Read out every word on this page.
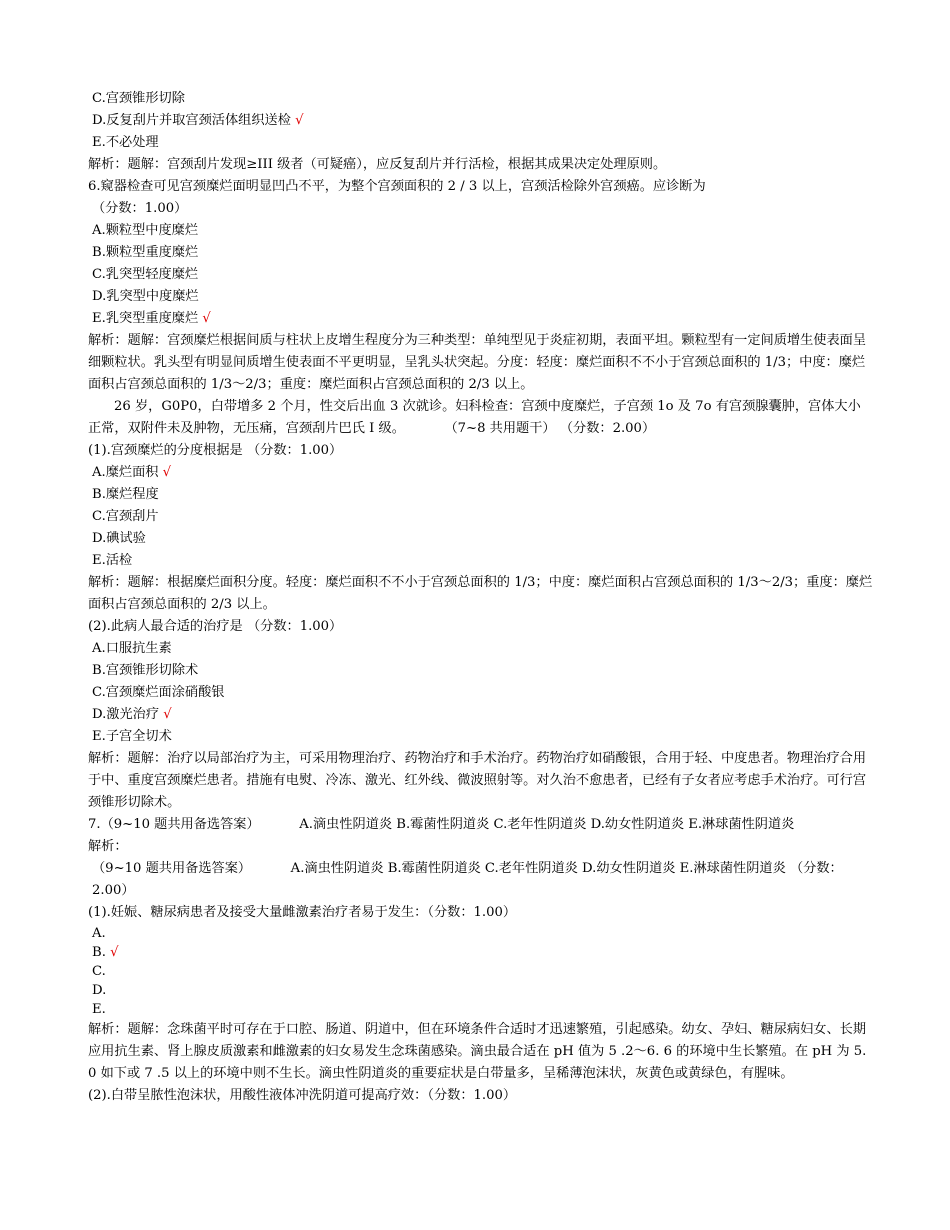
C.宫颈锥形切除
D.反复刮片并取宫颈活体组织送检 √
E.不必处理
解析：题解：宫颈刮片发现≥III 级者（可疑癌），应反复刮片并行活检，根据其成果决定处理原则。
6.窥器检查可见宫颈糜烂面明显凹凸不平，为整个宫颈面积的 2 / 3 以上，宫颈活检除外宫颈癌。应诊断为
（分数：1.00）
A.颗粒型中度糜烂
B.颗粒型重度糜烂
C.乳突型轻度糜烂
D.乳突型中度糜烂
E.乳突型重度糜烂 √
解析：题解：宫颈糜烂根据间质与柱状上皮增生程度分为三种类型：单纯型见于炎症初期，表面平坦。颗粒型有一定间质增生使表面呈细颗粒状。乳头型有明显间质增生使表面不平更明显，呈乳头状突起。分度：轻度：糜烂面积不不小于宫颈总面积的 1/3；中度：糜烂面积占宫颈总面积的 1/3～2/3；重度：糜烂面积占宫颈总面积的 2/3 以上。
26 岁，G0P0，白带增多 2 个月，性交后出血 3 次就诊。妇科检查：宫颈中度糜烂，子宫颈 1o 及 7o 有宫颈腺囊肿，宫体大小正常，双附件未及肿物，无压痛，宫颈刮片巴氏 I 级。   	（7~8 共用题干） （分数：2.00）
(1).宫颈糜烂的分度根据是 （分数：1.00）
A.糜烂面积 √
B.糜烂程度
C.宫颈刮片
D.碘试验
E.活检
解析：题解：根据糜烂面积分度。轻度：糜烂面积不不小于宫颈总面积的 1/3；中度：糜烂面积占宫颈总面积的 1/3～2/3；重度：糜烂面积占宫颈总面积的 2/3 以上。
(2).此病人最合适的治疗是 （分数：1.00）
A.口服抗生素
B.宫颈锥形切除术
C.宫颈糜烂面涂硝酸银
D.激光治疗 √
E.子宫全切术
解析：题解：治疗以局部治疗为主，可采用物理治疗、药物治疗和手术治疗。药物治疗如硝酸银，合用于轻、中度患者。物理治疗合用于中、重度宫颈糜烂患者。措施有电熨、冷冻、激光、红外线、微波照射等。对久治不愈患者，已经有子女者应考虑手术治疗。可行宫颈锥形切除术。
7.（9~10 题共用备选答案）   	A.滴虫性阴道炎 B.霉菌性阴道炎 C.老年性阴道炎 D.幼女性阴道炎 E.淋球菌性阴道炎
解析：
（9~10 题共用备选答案）   	A.滴虫性阴道炎 B.霉菌性阴道炎 C.老年性阴道炎 D.幼女性阴道炎 E.淋球菌性阴道炎 （分数：2.00）
(1).妊娠、糖尿病患者及接受大量雌激素治疗者易于发生：（分数：1.00）
A.
B. √
C.
D.
E.
解析：题解：念珠菌平时可存在于口腔、肠道、阴道中，但在环境条件合适时才迅速繁殖，引起感染。幼女、孕妇、糖尿病妇女、长期应用抗生素、肾上腺皮质激素和雌激素的妇女易发生念珠菌感染。滴虫最合适在 pH 值为 5 .2～6. 6 的环境中生长繁殖。在 pH 为 5. 0 如下或 7 .5 以上的环境中则不生长。滴虫性阴道炎的重要症状是白带量多，呈稀薄泡沫状，灰黄色或黄绿色，有腥味。
(2).白带呈脓性泡沫状，用酸性液体冲洗阴道可提高疗效：（分数：1.00）
